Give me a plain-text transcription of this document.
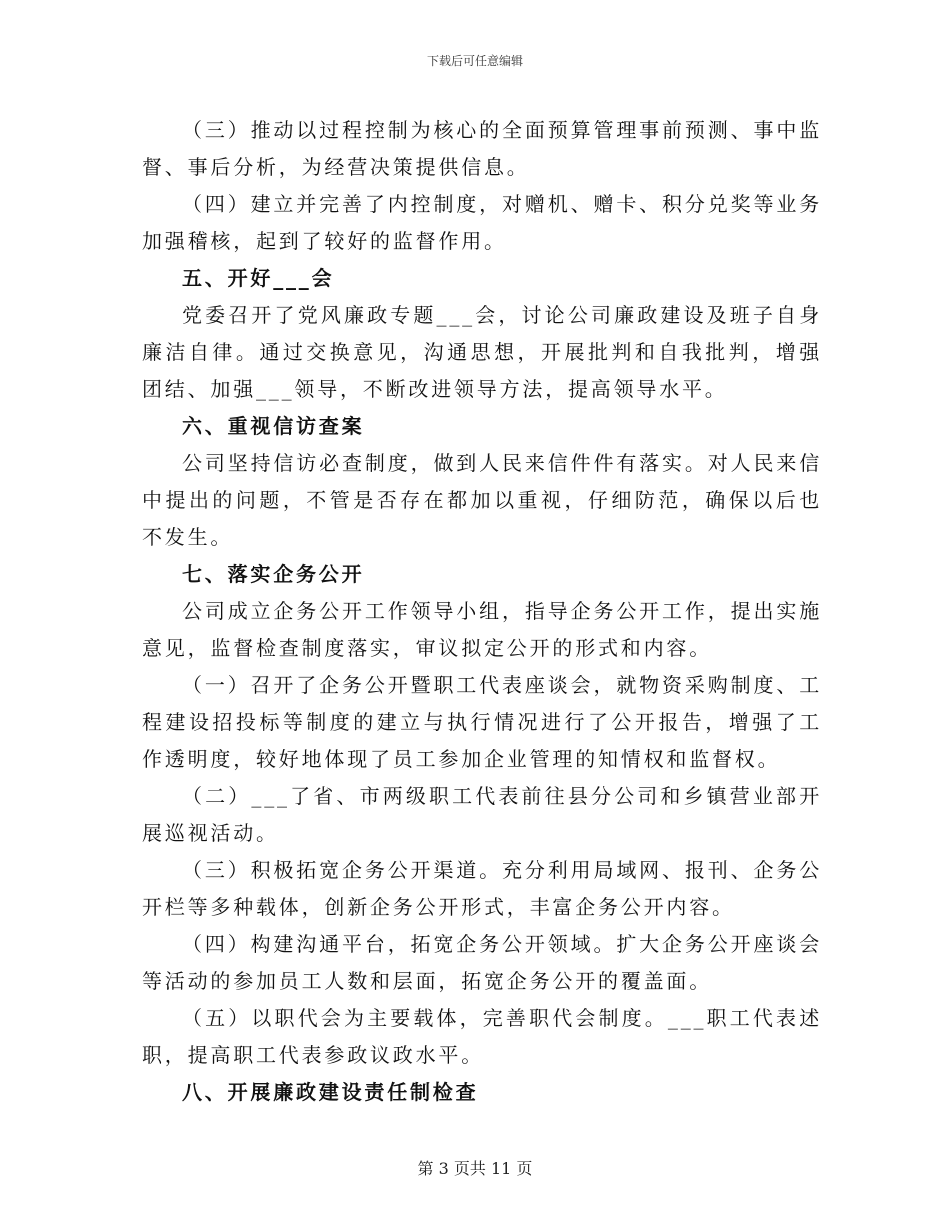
下载后可任意编辑

（三）推动以过程控制为核心的全面预算管理事前预测、事中监督、事后分析，为经营决策提供信息。

（四）建立并完善了内控制度，对赠机、赠卡、积分兑奖等业务加强稽核，起到了较好的监督作用。

五、开好___会

党委召开了党风廉政专题___会，讨论公司廉政建设及班子自身廉洁自律。通过交换意见，沟通思想，开展批判和自我批判，增强团结、加强___领导，不断改进领导方法，提高领导水平。

六、重视信访查案

公司坚持信访必查制度，做到人民来信件件有落实。对人民来信中提出的问题，不管是否存在都加以重视，仔细防范，确保以后也不发生。

七、落实企务公开

公司成立企务公开工作领导小组，指导企务公开工作，提出实施意见，监督检查制度落实，审议拟定公开的形式和内容。

（一）召开了企务公开暨职工代表座谈会，就物资采购制度、工程建设招投标等制度的建立与执行情况进行了公开报告，增强了工作透明度，较好地体现了员工参加企业管理的知情权和监督权。

（二）___了省、市两级职工代表前往县分公司和乡镇营业部开展巡视活动。

（三）积极拓宽企务公开渠道。充分利用局域网、报刊、企务公开栏等多种载体，创新企务公开形式，丰富企务公开内容。

（四）构建沟通平台，拓宽企务公开领域。扩大企务公开座谈会等活动的参加员工人数和层面，拓宽企务公开的覆盖面。

（五）以职代会为主要载体，完善职代会制度。___职工代表述职，提高职工代表参政议政水平。

八、开展廉政建设责任制检查

第 3 页共 11 页
